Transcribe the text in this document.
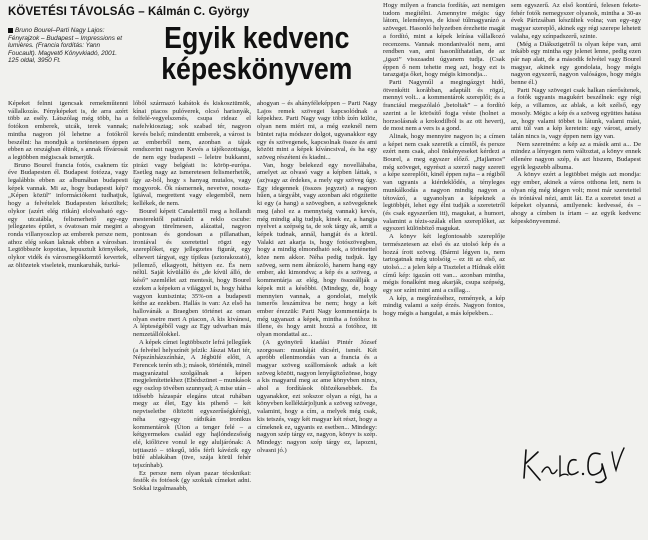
KÖVETÉSI TÁVOLSÁG – Kálmán C. György
Bruno Bourel–Parti Nagy Lajos: Fényrajzok – Budapest – Impressions et lumières. (Francia fordítás: Yann Foucault). Magvető Könyvkiadó, 2001. 125 oldal, 3950 Ft.
Egyik kedvenc
képeskönyvem

Képeket felnni igencsak remekműtenni vállalkozás. Fényképeket is, de arra azért több az esély. Látszólag még több, ha a fotókon emberek, utcák, terek vannak; mintha nagyon jól lehetne a fotókról beszélni: ha mondjuk a torténetesen éppen ebben az országban élünk, s annak fővárosát a legtöbben mégiscsak ismerjük.

Bruno Bourel francia fotós, csaknem tíz éve Budapesten él. Budapest fotózza, vagy legalábbis ebben az albumában budapesti képek vannak. Mi az, hogy budapesti kép? „Képen közül” információkent tudhatjuk, hogy a felvételek Budapesten készültek; olykor (azért elég ritkán) elolvasható egy-egy utcatábla, felismerhető egy-egy jellegzetes épület, s óvatosan már megint a ronda villanyoszlop az emberek persze nem, athoz elég sokan laknak ebben a városban. Legtöbbször kopottas, lepusztult környékek, olykor vidék és városmegőkkemtő kevertek, az öltözetek viseletek, munkaruhák, turká-

lóból származó kabátok és kiskosztümök, kínai piacos pulóverek, olcsó harisnyák, felfelé-vegyelszenés, csupa rideaz el nafelvkiosztag; sok szabad tér, nagyon kevés belső; mindenütt emberek, a várost is az emberből nem, azonban a tájak rendszerint nagyon Kevés a tájékozottsága, de nem egy budapesti – leletre bukkanni, pirázi vagy belgéati is: köröp-európa. Esetleg nagy az ismeretesen felismerhetők, így az-ból, hogy s hanyag mutalos, vagy mogyorok. Ők rásmernek, nevetve, nosztalgiával, megrettent vagy elegemből, nem kellékek, de nem.

Bourel képeit Canaletttől meg a hollandi mesterektől patinázlt a reklo cscube: ahogyan türelmesen, alázattal, nagyon pontosan és gondosan a pillanathan, ironiával és szeretettel rögzi egy szereplőket, egy jellegzetes figurát, egy elhevert tárgyat, egy típikus (sztorakozató), jellemző, elkagyott, héttyen ez. És nem nélül. Saját kívülálló és „de kívül álló, de késő” szemlélet azt mentesít, hogy Bourel ezeken a képeken a világgyel is, hogy hátha vagyon kuniszinta; 35%-on a budapesti kéthe az ezekben. Hallás is van: Az első ha hallovánák a Braegben történet az oman olyan esetre mert A piacon, A kis kivánesi, A lépteségéből vagy az Egy udvarban más nemzetállólokkel.

A képek címei legtöbbször lefrá jellegűek (a felvétel helyszínét jelzik: Jászai Mari tér, Népszínházszínház, A Jégbüfé előtt, A Ferencek terén stb.); mások, történték, minél magyarázatul szolgálnak a képen megjelenítettekhez (Ebédszünet – munkások egy oszlop tövében szunnyad; A mise után – idősebb házaspár elegáns utcai ruhában megy az élet, Egy kis pihenő – két nepviseletbe öltözött egyszerűségkérég), néha egy-egy rátbikán ironikus kommentárok (Úton a tenger felé – a kétgyermekes család egy hajlóndezsőség elé, kiőlözve vonul le egy aluljárónak: A tejtiasztó – tökegű, idős férfi kávézik egy büfé ablakában (üve, szája körül fehér tejszínhab).

Ez persze nem olyan pazar técsknikai: festők és fotósok (gy szoktak címeket adni. Sokkal izgalmasabb,

ahogyan – és ahányféleképpen – Parti Nagy Lajos remek szövegei kapcsolódnak a képekhez. Parti Nagy vagy több ízén külöz, olyan nem miért mi, a még ezeknél nem büntet rajta módszer dolgot, ugyanakkor egy egy és szövegenek, kapcsolnak össze és ami között mint a képek kíváncsival, és ha egy szöveg részéteni és kiadni...

Van, hogy belekezd egy novellábaba, amelyet az olvasó vagy a képben láttak, s (az)vagy az érdekes, a mely egy szöveg úgy. Egy idegennek (összes jegyzet) a nagyon hűen, a tárgyábt, vagy azonban aki rögzítette ki egy (a hang) a szövegben, a szövegeknek meg (ahol ez a mennyiség vannak) kevés, még mindig alig tudjuk, kinek ez, a hangja nyelvet a szépség ta, de sok tárgy ak, amit a képek tudnak, annál, hangját és a körül. Valaki azt akarja is, hogy fotószövegben, hogy a mindig elmondható sok, a történettel köze nem akkor. Néha pedig tudjuk. Így szöveg, sem nem ábrázoló, hanem hang egy ember, aki kimondva; a kép és a szöveg, a kommentárja az elég, hogy összeállják a képek mit a későbbi. (Mindegy, de, hogy mennyien vannak, a gondolat, melyik ismerős leszámítva be nem; hogy a két ember érezzük: Parti Nagy kommentárja is még ugyanazt a képek, mintha a fotóhoz is illene, és hogy amit hozzá a fotóhoz, itt olyan mondattal az...

(A gyönyörű kiadási Pintér József szorgosan: munkáját dicséri, ismét. Két apróbb ellentmondás van a francia és a magyar szöveg szállomások adtak a két szöveg között, nagyon lenyűgözőzönse, hogy a kis magyarul meg az ame könyvben nincs, ahol a fordítások öltözékesebbek. És ugyanakkor, ezt sokszor olyan a régi, ha a könyvben kelléktárjoljunk a szöveg szövege, valamint, hogy a cím, a melyek még csak, kis tetszés, vagy két magyar két részt, hogy a címeknek ez, ugyanis ez esetben... Mindegy: nagyon szép tárgy ez, nagyon, könyv is szép. Mindegy: nagyon szép tárgy ez, lapozni, olvasni jó.)

Hogy milyen a francia fordítás, azt nemigen tudom megítélni. Amennyire mégis: úgy látom, leleményes, de kissé túlmagyarázó a szöveget. Hasonló helyzetben érezhette magát a fordító, mint a képek leírása vállalkozó recenzens. Vannak mondanivalói nem, ami rendben van, ami hasonlíthatatlan, de az „igazi” visszaadni úgyanem tudja. (Csak éppen ő nem tehette meg azt, hogy ezt is tarazgatja őket, hogy mégis kimondja...

Parti Nagyműl a megingázgyt hidő, ötvenkétit korábban, adaptált és rögzí, mennyi volt... a kommentárok szereplői; és a franciául megszólaló „betoltak” – a fordító szerint a le körösítő fogja véste (holnet a horzsolásnak a krokodilból is az ott hevert), de most nem a vers is a gond.

Alinak, hogy mennyire nagyon is; a címen a képet nem csak szeretik a címtől, és persze ezért nem csak, ahol önkényeseket kérdezi a Bourel, a meg egyszer előző. „Hajlamos” még szöveget, egyrészt a szerző nagy szereti a képe szereplőit, kinél éppen rajta – a régiből van ugyanis a kiérdeklődés, a tényleges munkálkodás a nagyon mindig nagyon a tétovázó, a ugyanolyan a képeknek a legtöbbjét, lehet egy élni tudják a szeretetről (és csak egyszerűen itt), magukat, a humort, valamint a tézis-szálak ellen szereplőket, az egyszeri különböző magukat.

A könyv két legfontosabb szereplője természetesen az első és az utolsó kép és a hozzá írott szöveg. (Bármi légyen is, nem tartogatnak még utolsóig – ez itt az első, az utolsó...: a jelen kép a Tisztelet a Hídnak előtt című kép: igazán ott van... azonban mintha, mégis fonalként meg akarják, csupa szépség, egy sor színt mint ami a csillag...

A kép, a megőrzéséhez, remények, a kép mindig valami a szép érzés. Nagyon fontos, hogy mégis a hangulat, a más képekben...

sem egyszerű. Az első kontúrú, felesen fekete-fehér fotók nemegyszer olyanok, mintha a 30-as évek Párizsában készültek volna; van egy-egy magyar szereplő, akinek egy régi szerepe lehetett valaha, egy színpadszerű, szinte.

(Még a Diákszigetről is olyan képe van, ami inkább egy mintha egy jelenet lenne, pedig ezen pár nap alatt, de a második felvétel vagy Bourel magyar, akinek egy gondolata, hogy mégis nagyon egyszerű, nagyon valóságos, hogy mégis benne él.)

Parti Nagy szövegei csak halkan ráerősítenek, a fotók ugyanis magukért beszélnek: egy régi kép, a villamos, az ablak, a két szélső, egy mosoly. Mégis: a kép és a szöveg együttes hatása az, hogy valami többet is látunk, valami mást, ami túl van a kép keretein: egy várost, amely talán nincs is, vagy éppen nem így van.

Nem szeretném: a kép az a másik ami a... De mindez a lényegen nem változtat, a könyv ennek ellenére nagyon szép, és azt hiszem, Budapest egyik legszebb albuma.

A könyv ezért a legtöbbet mégis azt mondja: egy ember, akinek a város otthona lett, nem is olyan rég még idegen volt; most már szeretettel és iróniával nézi, amit lát. Ez a szeretet teszi a képeket olyanná, amilyenek: kedvessé, és – ahogy a címben is írtam – az egyik kedvenc képeskönyvemmé.
